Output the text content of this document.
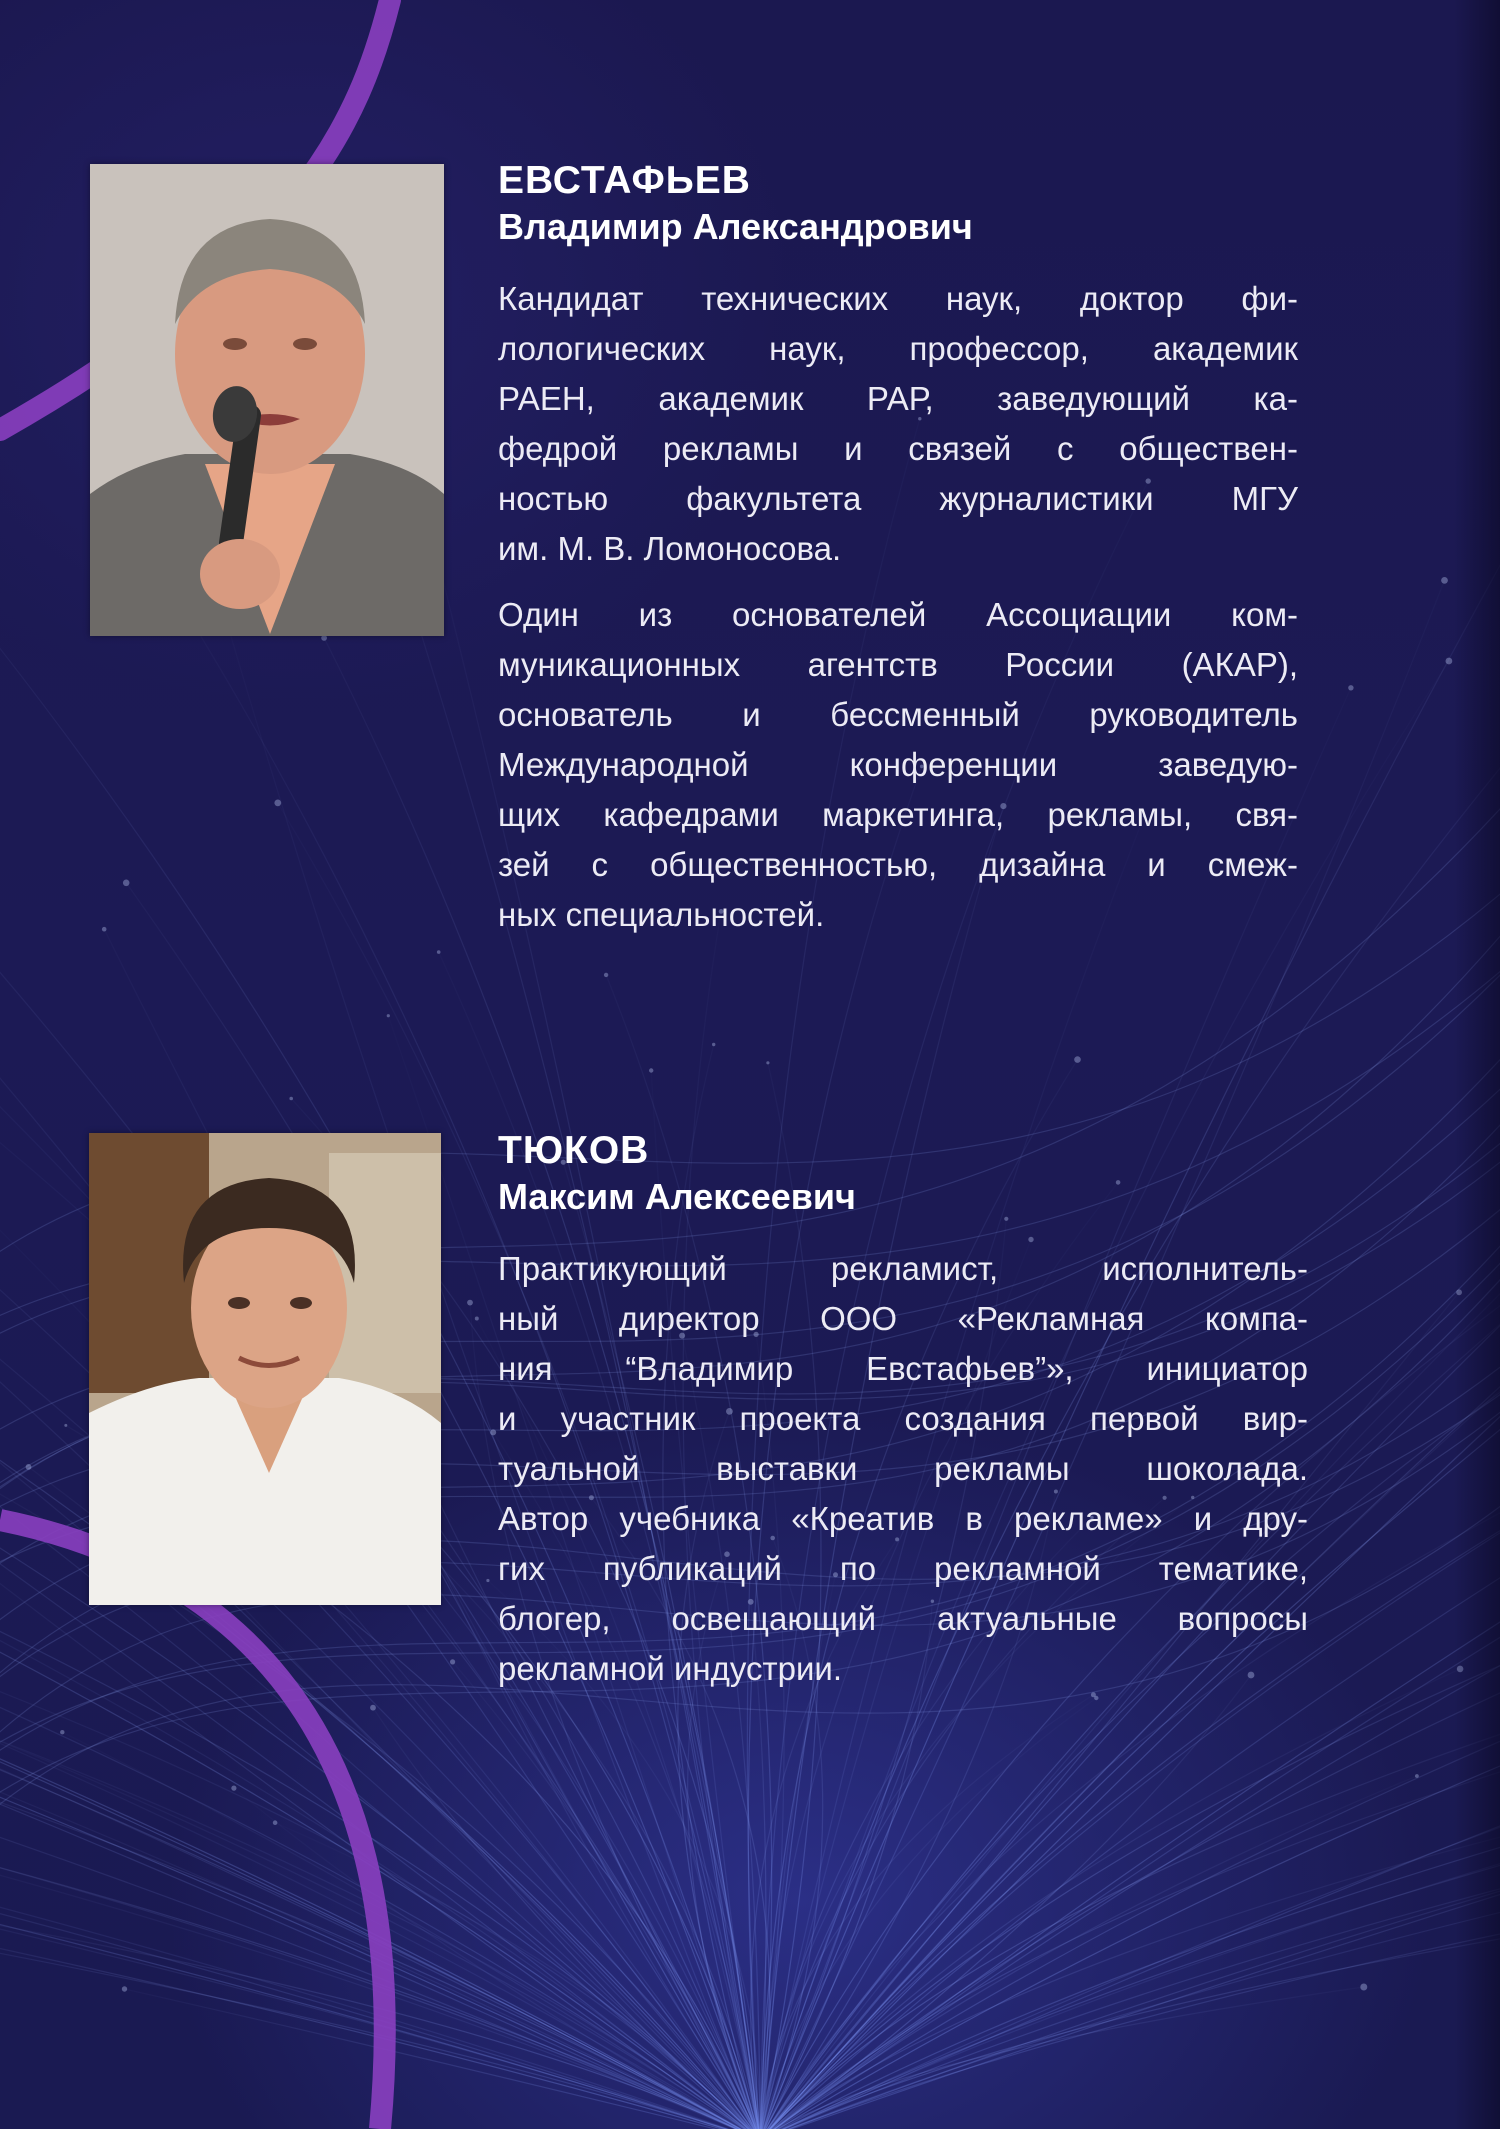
ЕВСТАФЬЕВ
Владимир Александрович
Кандидат технических наук, доктор фи-
лологических наук, профессор, академик
РАЕН, академик РАР, заведующий ка-
федрой рекламы и связей с обществен-
ностью факультета журналистики МГУ
им. М. В. Ломоносова.
Один из основателей Ассоциации ком-
муникационных агентств России (АКАР),
основатель и бессменный руководитель
Международной конференции заведую-
щих кафедрами маркетинга, рекламы, свя-
зей с общественностью, дизайна и смеж-
ных специальностей.
ТЮКОВ
Максим Алексеевич
Практикующий рекламист, исполнитель-
ный директор ООО «Рекламная компа-
ния “Владимир Евстафьев”», инициатор
и участник проекта создания первой вир-
туальной выставки рекламы шоколада.
Автор учебника «Креатив в рекламе» и дру-
гих публикаций по рекламной тематике,
блогер, освещающий актуальные вопросы
рекламной индустрии.
